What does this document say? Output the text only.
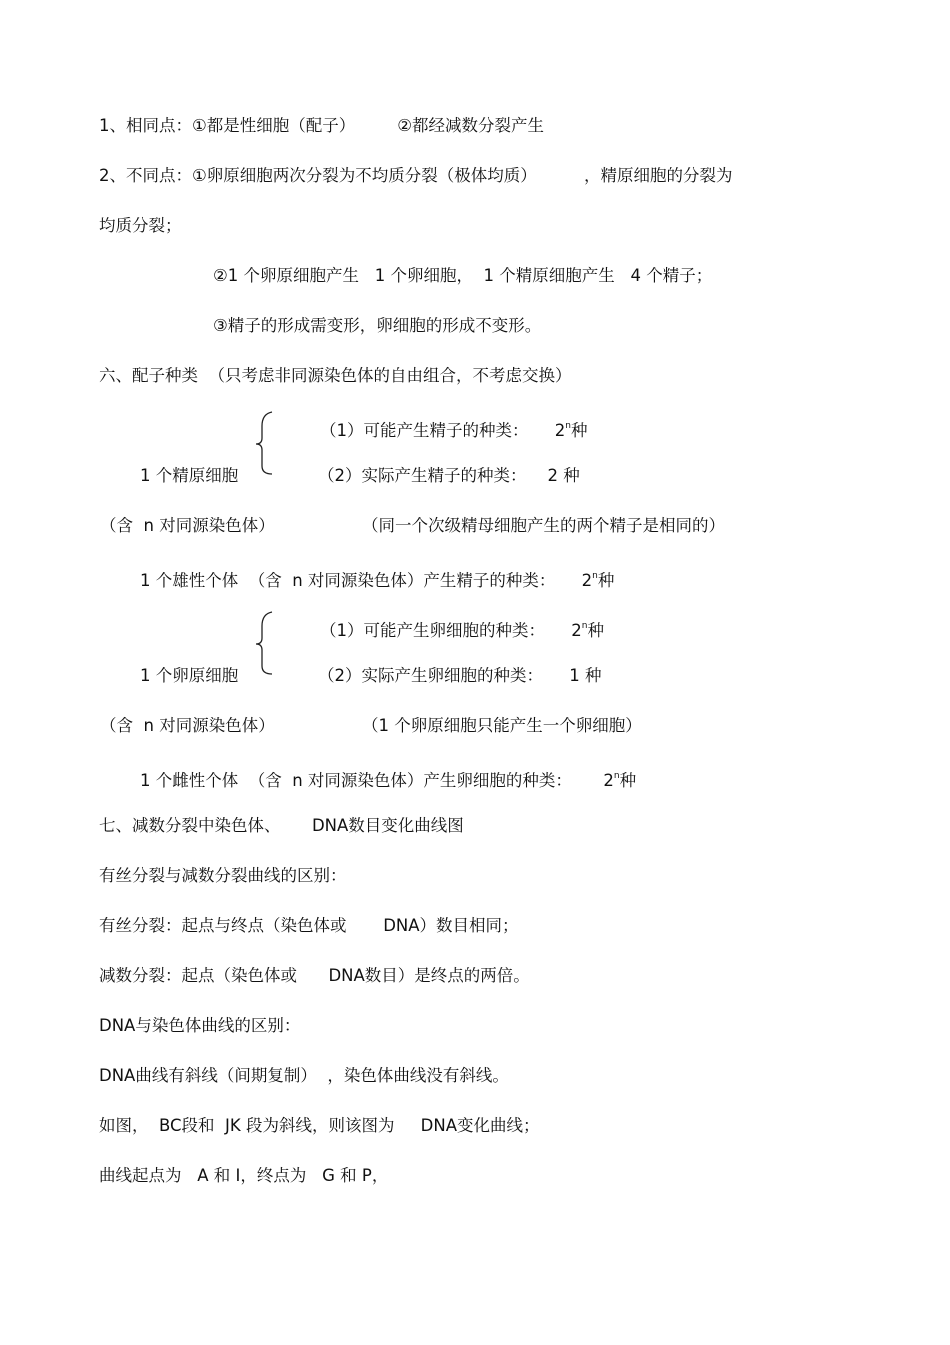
1、相同点：①都是性细胞（配子）        ②都经减数分裂产生
2、不同点：①卵原细胞两次分裂为不均质分裂（极体均质）         ，精原细胞的分裂为
均质分裂；
②1 个卵原细胞产生   1 个卵细胞，  1 个精原细胞产生   4 个精子；
③精子的形成需变形，卵细胞的形成不变形。
六、配子种类  （只考虑非同源染色体的自由组合，不考虑交换）
（1）可能产生精子的种类：     2$^n$种
1 个精原细胞	（2）实际产生精子的种类：    2 种
（含  n 对同源染色体）	（同一个次级精母细胞产生的两个精子是相同的）
1 个雄性个体  （含  n 对同源染色体）产生精子的种类：     2$^n$种
（1）可能产生卵细胞的种类：     2$^n$种
1 个卵原细胞	（2）实际产生卵细胞的种类：     1 种
（含  n 对同源染色体）	（1 个卵原细胞只能产生一个卵细胞）
1 个雌性个体  （含  n 对同源染色体）产生卵细胞的种类：      2$^n$种
七、减数分裂中染色体、      DNA数目变化曲线图
有丝分裂与减数分裂曲线的区别：
有丝分裂：起点与终点（染色体或       DNA）数目相同；
减数分裂：起点（染色体或      DNA数目）是终点的两倍。
DNA与染色体曲线的区别：
DNA曲线有斜线（间期复制）  ，染色体曲线没有斜线。
如图，  BC段和  JK 段为斜线，则该图为     DNA变化曲线；
曲线起点为   A 和 I，终点为   G 和 P，
